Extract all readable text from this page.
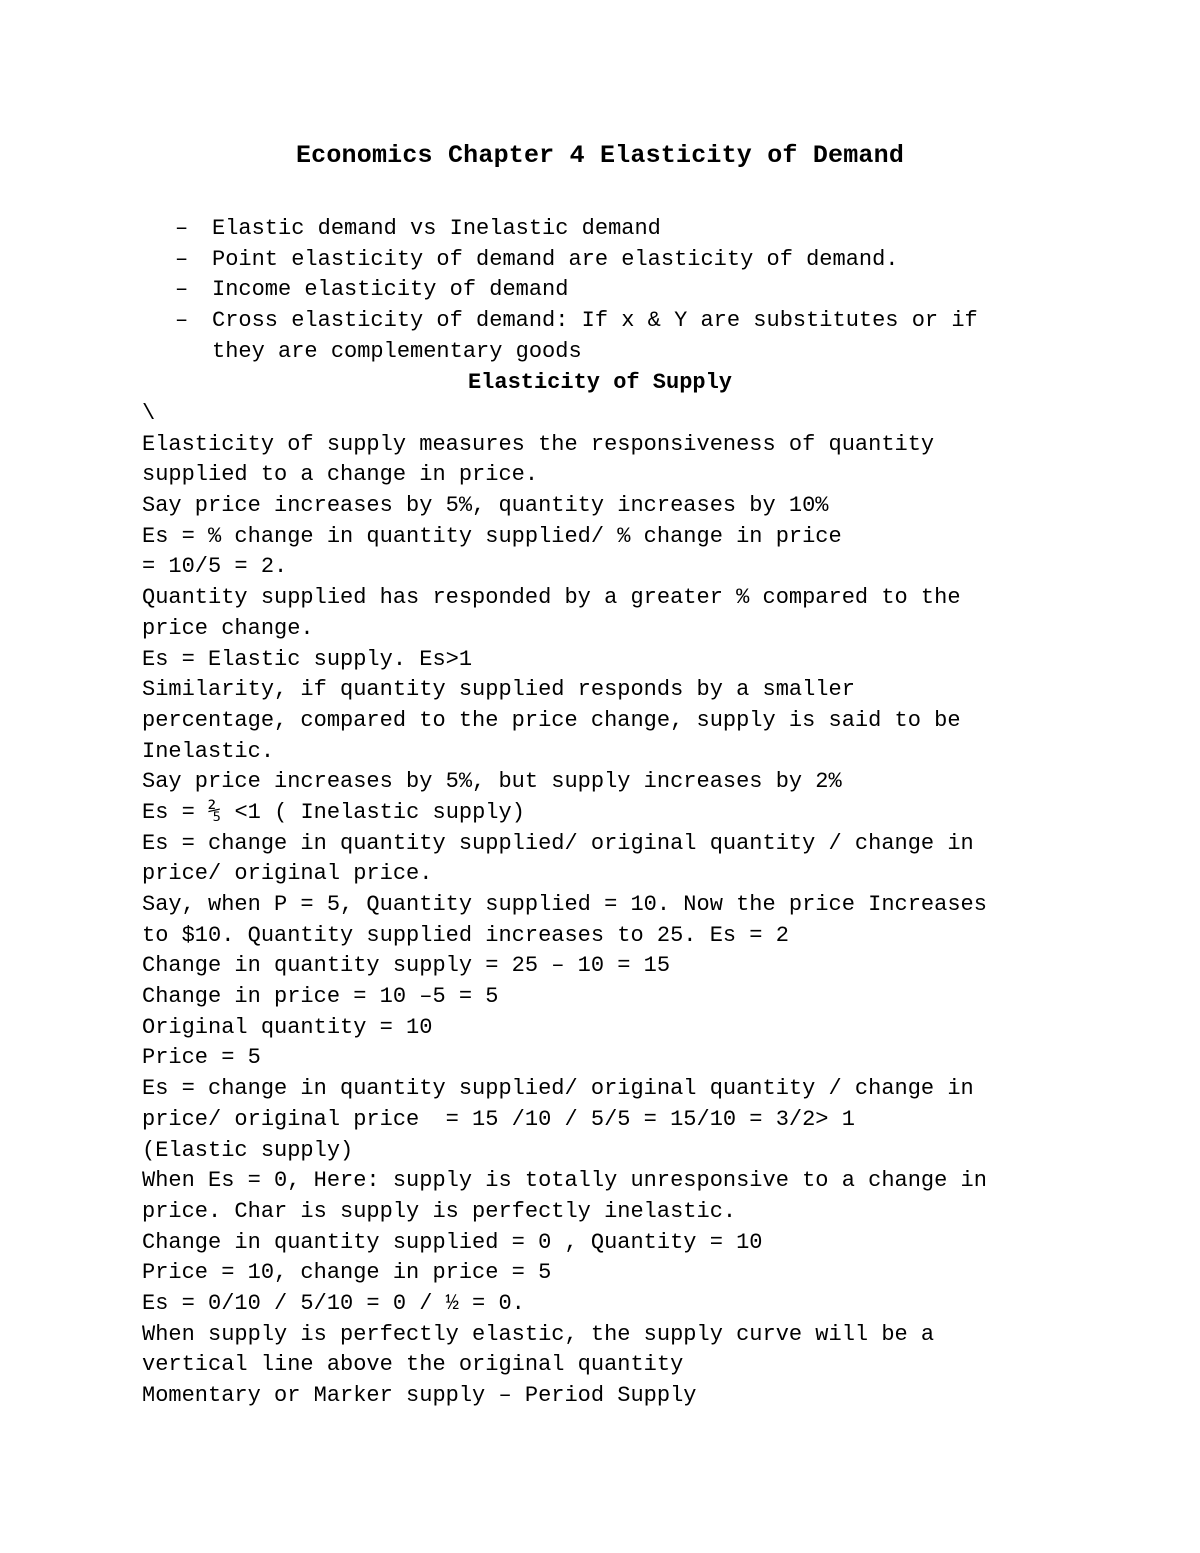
Economics Chapter 4 Elasticity of Demand
– Elastic demand vs Inelastic demand
– Point elasticity of demand are elasticity of demand.
– Income elasticity of demand
– Cross elasticity of demand: If x & Y are substitutes or if
they are complementary goods
Elasticity of Supply
\
Elasticity of supply measures the responsiveness of quantity
supplied to a change in price.
Say price increases by 5%, quantity increases by 10%
Es = % change in quantity supplied/ % change in price
= 10/5 = 2.
Quantity supplied has responded by a greater % compared to the
price change.
Es = Elastic supply. Es>1
Similarity, if quantity supplied responds by a smaller
percentage, compared to the price change, supply is said to be
Inelastic.
Say price increases by 5%, but supply increases by 2%
Es = ⅖ <1 ( Inelastic supply)
Es = change in quantity supplied/ original quantity / change in
price/ original price.
Say, when P = 5, Quantity supplied = 10. Now the price Increases
to $10. Quantity supplied increases to 25. Es = 2
Change in quantity supply = 25 – 10 = 15
Change in price = 10 –5 = 5
Original quantity = 10
Price = 5
Es = change in quantity supplied/ original quantity / change in
price/ original price  = 15 /10 / 5/5 = 15/10 = 3/2> 1
(Elastic supply)
When Es = 0, Here: supply is totally unresponsive to a change in
price. Char is supply is perfectly inelastic.
Change in quantity supplied = 0 , Quantity = 10
Price = 10, change in price = 5
Es = 0/10 / 5/10 = 0 / ½ = 0.
When supply is perfectly elastic, the supply curve will be a
vertical line above the original quantity
Momentary or Marker supply – Period Supply
